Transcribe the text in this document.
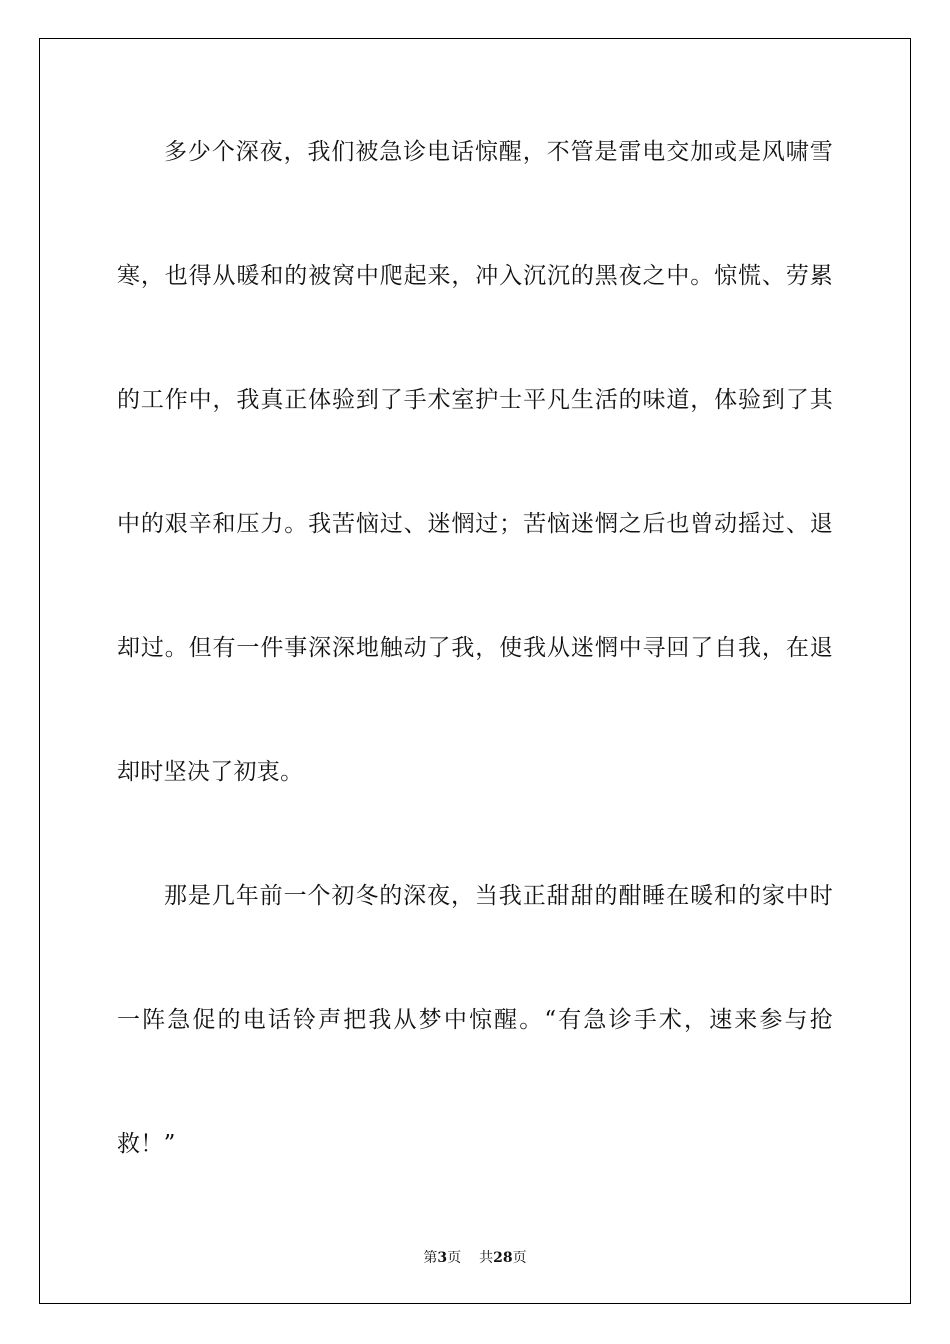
多少个深夜，我们被急诊电话惊醒，不管是雷电交加或是风啸雪
寒，也得从暖和的被窝中爬起来，冲入沉沉的黑夜之中。惊慌、劳累
的工作中，我真正体验到了手术室护士平凡生活的味道，体验到了其
中的艰辛和压力。我苦恼过、迷惘过；苦恼迷惘之后也曾动摇过、退
却过。但有一件事深深地触动了我，使我从迷惘中寻回了自我，在退
却时坚决了初衷。
那是几年前一个初冬的深夜，当我正甜甜的酣睡在暖和的家中时
一阵急促的电话铃声把我从梦中惊醒。“有急诊手术，速来参与抢
救！”
第3页 共28页
